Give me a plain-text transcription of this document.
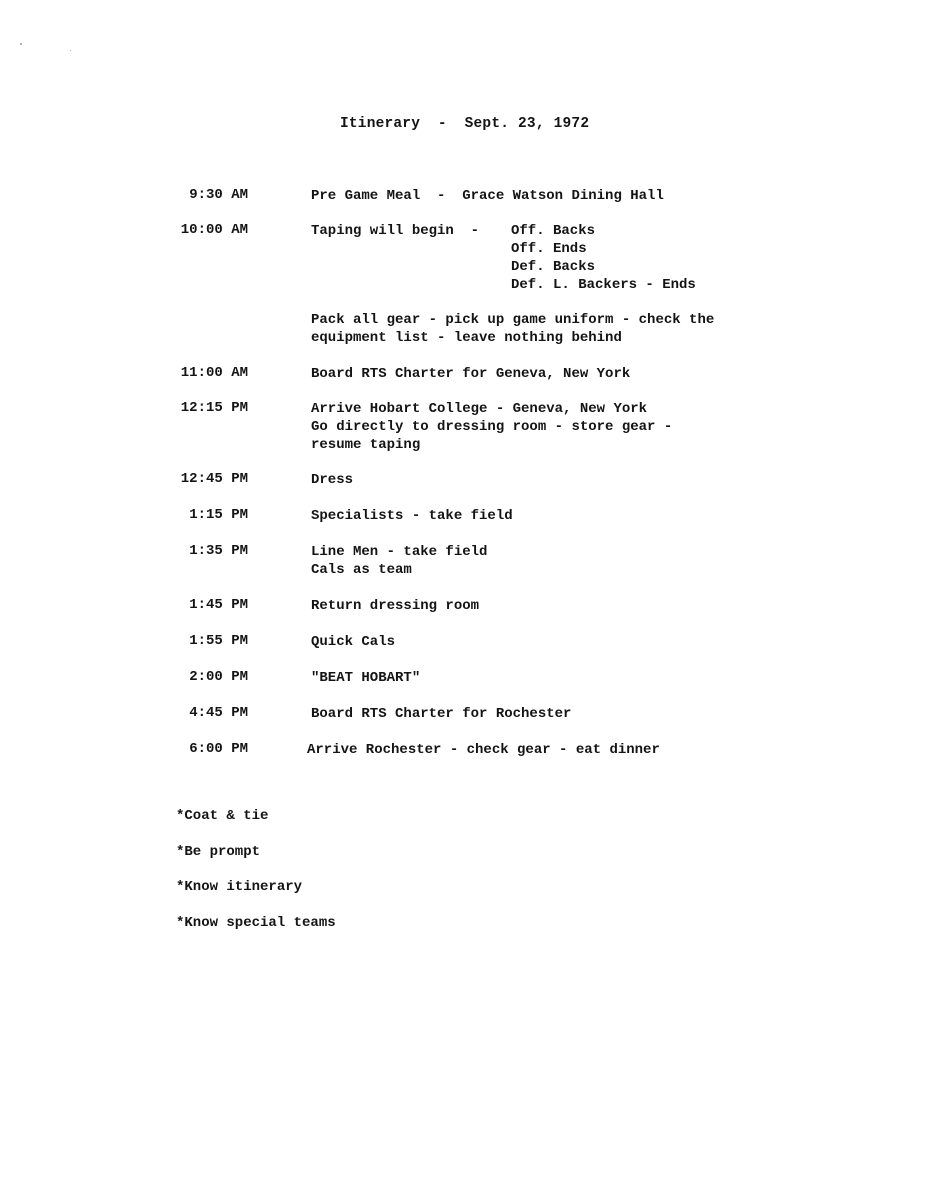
Itinerary  -  Sept. 23, 1972
9:30 AM	Pre Game Meal  -  Grace Watson Dining Hall
10:00 AM	Taping will begin  - Off. Backs
Off. Ends
Def. Backs
Def. L. Backers - Ends
Pack all gear - pick up game uniform - check the
equipment list - leave nothing behind
11:00 AM	Board RTS Charter for Geneva, New York
12:15 PM	Arrive Hobart College - Geneva, New York
Go directly to dressing room - store gear -
resume taping
12:45 PM	Dress
1:15 PM	Specialists - take field
1:35 PM	Line Men - take field
Cals as team
1:45 PM	Return dressing room
1:55 PM	Quick Cals
2:00 PM	"BEAT HOBART"
4:45 PM	Board RTS Charter for Rochester
6:00 PM	Arrive Rochester - check gear - eat dinner
*Coat & tie
*Be prompt
*Know itinerary
*Know special teams
